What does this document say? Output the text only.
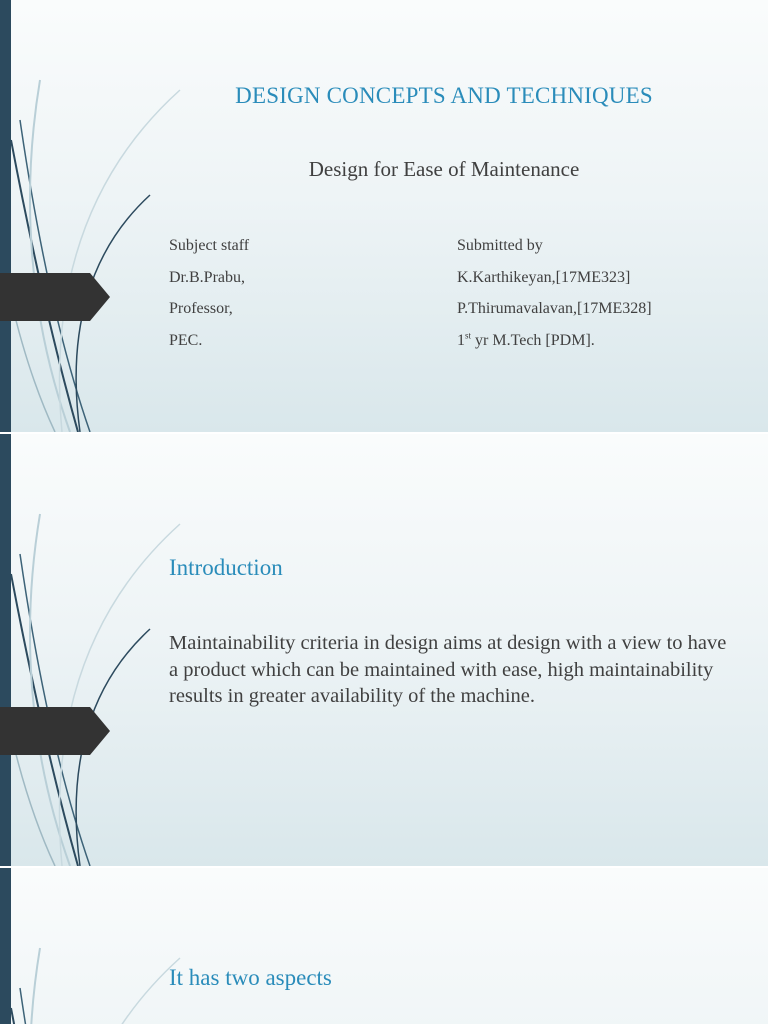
DESIGN CONCEPTS AND TECHNIQUES
Design for Ease of Maintenance
Subject staff
Dr.B.Prabu,
Professor,
PEC.
Submitted by
K.Karthikeyan,[17ME323]
P.Thirumavalavan,[17ME328]
1st yr M.Tech [PDM].
Introduction
Maintainability criteria in design aims at design with a view to have a product which can be maintained with ease, high maintainability results in greater availability of the machine.
It has two aspects
